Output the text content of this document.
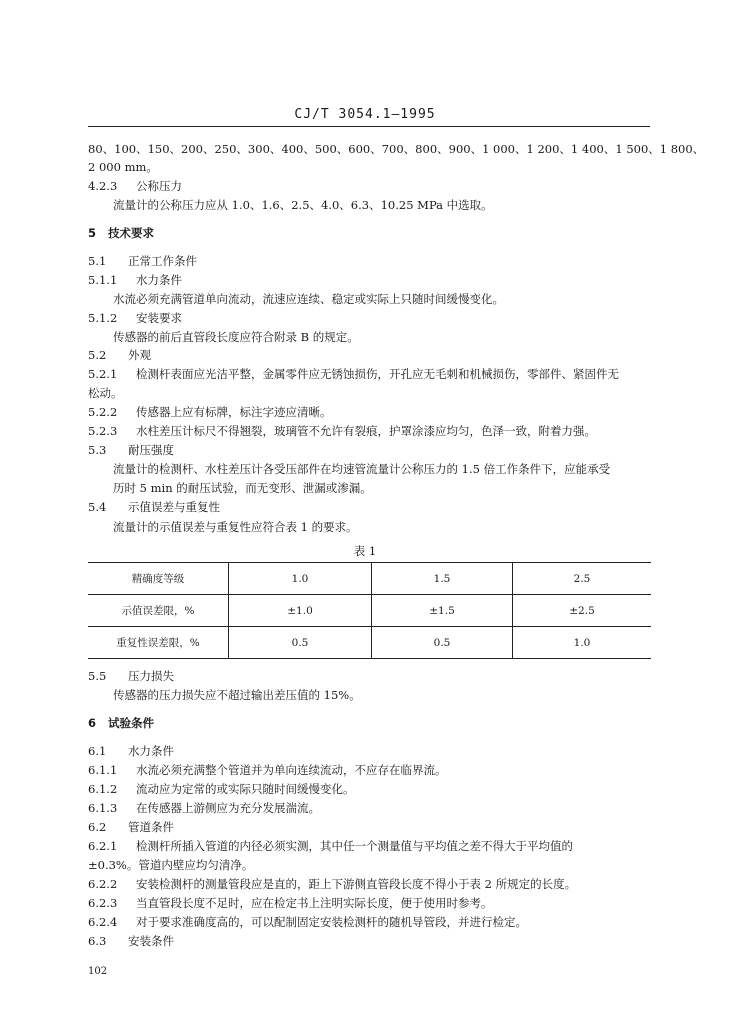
CJ/T 3054.1—1995
80、100、150、200、250、300、400、500、600、700、800、900、1 000、1 200、1 400、1 500、1 800、
2 000 mm。
4.2.3 公称压力
流量计的公称压力应从 1.0、1.6、2.5、4.0、6.3、10.25 MPa 中选取。
5 技术要求
5.1 正常工作条件
5.1.1 水力条件
水流必须充满管道单向流动，流速应连续、稳定或实际上只随时间缓慢变化。
5.1.2 安装要求
传感器的前后直管段长度应符合附录 B 的规定。
5.2 外观
5.2.1 检测杆表面应光洁平整，金属零件应无锈蚀损伤，开孔应无毛刺和机械损伤，零部件、紧固件无
松动。
5.2.2 传感器上应有标牌，标注字迹应清晰。
5.2.3 水柱差压计标尺不得翘裂，玻璃管不允许有裂痕，护罩涂漆应均匀，色泽一致，附着力强。
5.3 耐压强度
流量计的检测杆、水柱差压计各受压部件在均速管流量计公称压力的 1.5 倍工作条件下，应能承受
历时 5 min 的耐压试验，而无变形、泄漏或渗漏。
5.4 示值误差与重复性
流量计的示值误差与重复性应符合表 1 的要求。
表 1
精确度等级	1.0	1.5	2.5
示值误差限，%	±1.0	±1.5	±2.5
重复性误差限，%	0.5	0.5	1.0
5.5 压力损失
传感器的压力损失应不超过输出差压值的 15%。
6 试验条件
6.1 水力条件
6.1.1 水流必须充满整个管道并为单向连续流动，不应存在临界流。
6.1.2 流动应为定常的或实际只随时间缓慢变化。
6.1.3 在传感器上游侧应为充分发展湍流。
6.2 管道条件
6.2.1 检测杆所插入管道的内径必须实测，其中任一个测量值与平均值之差不得大于平均值的
±0.3%。管道内壁应均匀清净。
6.2.2 安装检测杆的测量管段应是直的，距上下游侧直管段长度不得小于表 2 所规定的长度。
6.2.3 当直管段长度不足时，应在检定书上注明实际长度，便于使用时参考。
6.2.4 对于要求准确度高的，可以配制固定安装检测杆的随机导管段，并进行检定。
6.3 安装条件
102
